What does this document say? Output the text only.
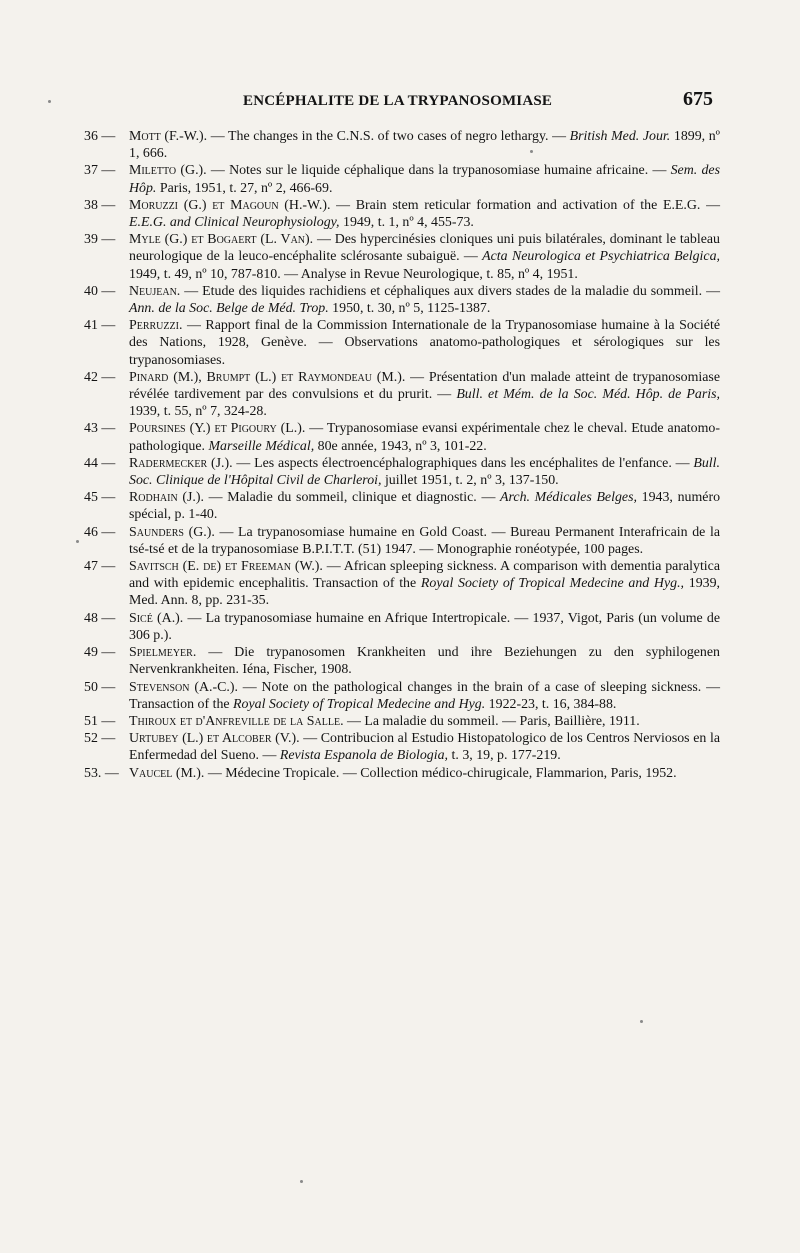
ENCÉPHALITE DE LA TRYPANOSOMIASE	675
36 — Mott (F.-W.). — The changes in the C.N.S. of two cases of negro lethargy. — British Med. Jour. 1899, nº 1, 666.
37 — Miletto (G.). — Notes sur le liquide céphalique dans la trypanosomiase humaine africaine. — Sem. des Hôp. Paris, 1951, t. 27, nº 2, 466-69.
38 — Moruzzi (G.) et Magoun (H.-W.). — Brain stem reticular formation and activation of the E.E.G. — E.E.G. and Clinical Neurophysiology, 1949, t. 1, nº 4, 455-73.
39 — Myle (G.) et Bogaert (L. Van). — Des hypercinésies cloniques uni puis bilatérales, dominant le tableau neurologique de la leuco-encéphalite sclérosante subaiguë. — Acta Neurologica et Psychiatrica Belgica, 1949, t. 49, nº 10, 787-810. — Analyse in Revue Neurologique, t. 85, nº 4, 1951.
40 — Neujean. — Etude des liquides rachidiens et céphaliques aux divers stades de la maladie du sommeil. — Ann. de la Soc. Belge de Méd. Trop. 1950, t. 30, nº 5, 1125-1387.
41 — Perruzzi. — Rapport final de la Commission Internationale de la Trypanosomiase humaine à la Société des Nations, 1928, Genève. — Observations anatomo-pathologiques et sérologiques sur les trypanosomiases.
42 — Pinard (M.), Brumpt (L.) et Raymondeau (M.). — Présentation d'un malade atteint de trypanosomiase révélée tardivement par des convulsions et du prurit. — Bull. et Mém. de la Soc. Méd. Hôp. de Paris, 1939, t. 55, nº 7, 324-28.
43 — Poursines (Y.) et Pigoury (L.). — Trypanosomiase evansi expérimentale chez le cheval. Etude anatomo-pathologique. Marseille Médical, 80e année, 1943, nº 3, 101-22.
44 — Radermecker (J.). — Les aspects électroencéphalographiques dans les encéphalites de l'enfance. — Bull. Soc. Clinique de l'Hôpital Civil de Charleroi, juillet 1951, t. 2, nº 3, 137-150.
45 — Rodhain (J.). — Maladie du sommeil, clinique et diagnostic. — Arch. Médicales Belges, 1943, numéro spécial, p. 1-40.
46 — Saunders (G.). — La trypanosomiase humaine en Gold Coast. — Bureau Permanent Interafricain de la tsé-tsé et de la trypanosomiase B.P.I.T.T. (51) 1947. — Monographie ronéotypée, 100 pages.
47 — Savitsch (E. de) et Freeman (W.). — African spleeping sickness. A comparison with dementia paralytica and with epidemic encephalitis. Transaction of the Royal Society of Tropical Medecine and Hyg., 1939, Med. Ann. 8, pp. 231-35.
48 — Sicé (A.). — La trypanosomiase humaine en Afrique Intertropicale. — 1937, Vigot, Paris (un volume de 306 p.).
49 — Spielmeyer. — Die trypanosomen Krankheiten und ihre Beziehungen zu den syphilogenen Nervenkrankheiten. Iéna, Fischer, 1908.
50 — Stevenson (A.-C.). — Note on the pathological changes in the brain of a case of sleeping sickness. — Transaction of the Royal Society of Tropical Medecine and Hyg. 1922-23, t. 16, 384-88.
51 — Thiroux et d'Anfreville de la Salle. — La maladie du sommeil. — Paris, Baillière, 1911.
52 — Urtubey (L.) et Alcober (V.). — Contribucion al Estudio Histopatologico de los Centros Nerviosos en la Enfermedad del Sueno. — Revista Espanola de Biologia, t. 3, 19, p. 177-219.
53. — Vaucel (M.). — Médecine Tropicale. — Collection médico-chirugicale, Flammarion, Paris, 1952.
